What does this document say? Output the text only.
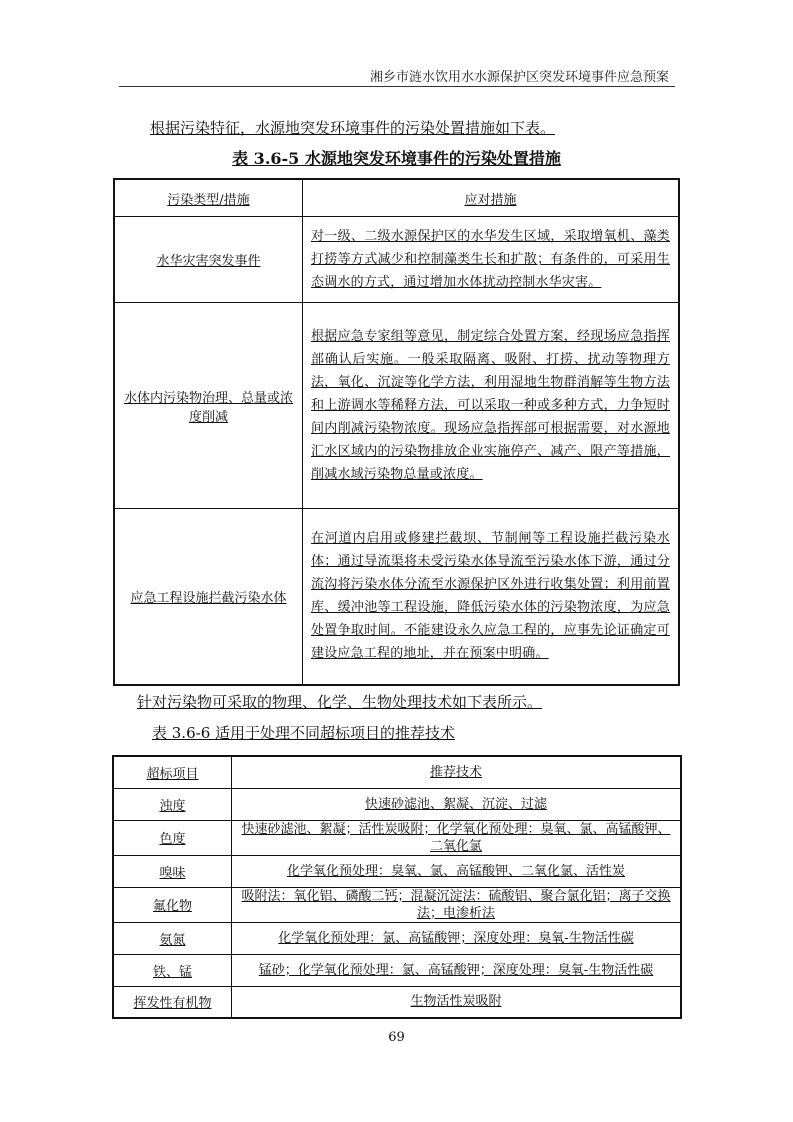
湘乡市涟水饮用水水源保护区突发环境事件应急预案
根据污染特征，水源地突发环境事件的污染处置措施如下表。
表 3.6-5 水源地突发环境事件的污染处置措施
污染类型/措施	应对措施
水华灾害突发事件	对一级、二级水源保护区的水华发生区域，采取增氧机、藻类打捞等方式减少和控制藻类生长和扩散；有条件的，可采用生态调水的方式，通过增加水体扰动控制水华灾害。
水体内污染物治理、总量或浓度削减	根据应急专家组等意见，制定综合处置方案，经现场应急指挥部确认后实施。一般采取隔离、吸附、打捞、扰动等物理方法，氧化、沉淀等化学方法，利用湿地生物群消解等生物方法和上游调水等稀释方法，可以采取一种或多种方式，力争短时间内削减污染物浓度。现场应急指挥部可根据需要，对水源地汇水区域内的污染物排放企业实施停产、减产、限产等措施，削减水域污染物总量或浓度。
应急工程设施拦截污染水体	在河道内启用或修建拦截坝、节制闸等工程设施拦截污染水体；通过导流渠将未受污染水体导流至污染水体下游，通过分流沟将污染水体分流至水源保护区外进行收集处置；利用前置库、缓冲池等工程设施，降低污染水体的污染物浓度，为应急处置争取时间。不能建设永久应急工程的，应事先论证确定可建设应急工程的地址，并在预案中明确。
针对污染物可采取的物理、化学、生物处理技术如下表所示。
表 3.6-6 适用于处理不同超标项目的推荐技术
超标项目	推荐技术
浊度	快速砂滤池、絮凝、沉淀、过滤
色度	快速砂滤池、絮凝；活性炭吸附；化学氧化预处理：臭氧、氯、高锰酸钾、二氧化氯
嗅味	化学氧化预处理：臭氧、氯、高锰酸钾、二氧化氯、活性炭
氟化物	吸附法：氧化铝、磷酸二钙；混凝沉淀法：硫酸铝、聚合氯化铝；离子交换法；电渗析法
氨氮	化学氧化预处理：氯、高锰酸钾；深度处理：臭氧-生物活性碳
铁、锰	锰砂；化学氧化预处理：氯、高锰酸钾；深度处理：臭氧-生物活性碳
挥发性有机物	生物活性炭吸附
69
